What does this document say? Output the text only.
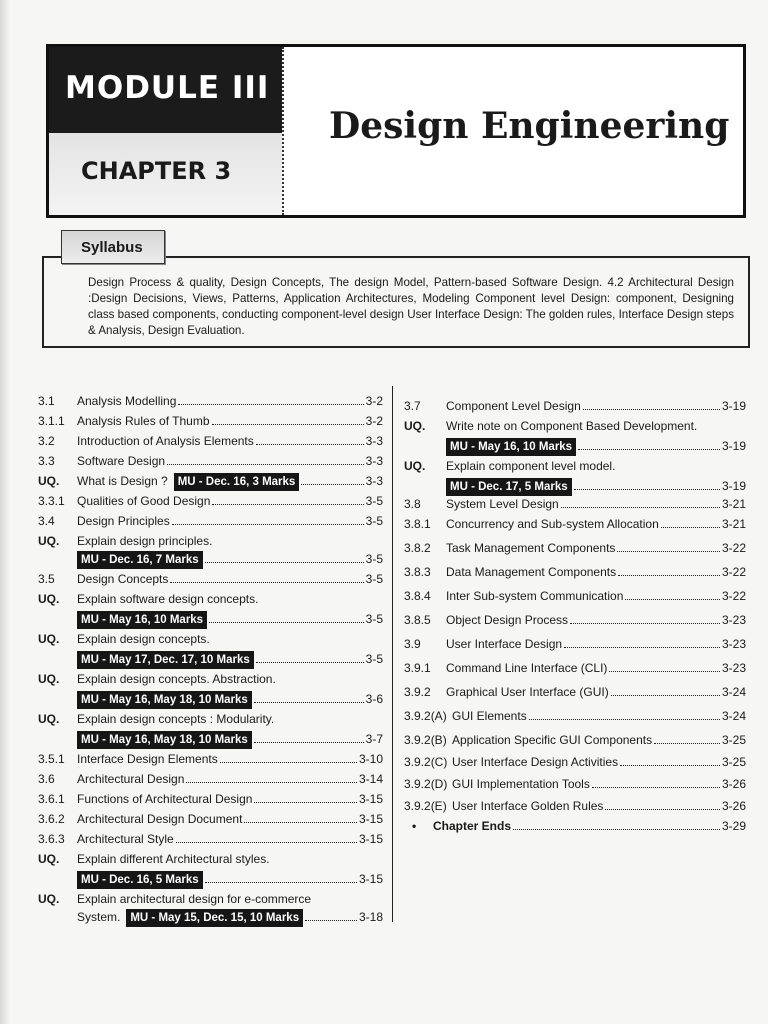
MODULE III
CHAPTER 3
Design Engineering
Syllabus
Design Process & quality, Design Concepts, The design Model, Pattern-based Software Design. 4.2 Architectural Design :Design Decisions, Views, Patterns, Application Architectures, Modeling Component level Design: component, Designing class based components, conducting component-level design User Interface Design: The golden rules, Interface Design steps & Analysis, Design Evaluation.
3.1 Analysis Modelling	3-2
3.1.1 Analysis Rules of Thumb	3-2
3.2 Introduction of Analysis Elements	3-3
3.3 Software Design	3-3
UQ. What is Design ? MU - Dec. 16, 3 Marks	3-3
3.3.1 Qualities of Good Design	3-5
3.4 Design Principles	3-5
UQ. Explain design principles.
MU - Dec. 16, 7 Marks	3-5
3.5 Design Concepts	3-5
UQ. Explain software design concepts.
MU - May 16, 10 Marks	3-5
UQ. Explain design concepts.
MU - May 17, Dec. 17, 10 Marks	3-5
UQ. Explain design concepts. Abstraction.
MU - May 16, May 18, 10 Marks	3-6
UQ. Explain design concepts : Modularity.
MU - May 16, May 18, 10 Marks	3-7
3.5.1 Interface Design Elements	3-10
3.6 Architectural Design	3-14
3.6.1 Functions of Architectural Design	3-15
3.6.2 Architectural Design Document	3-15
3.6.3 Architectural Style	3-15
UQ. Explain different Architectural styles.
MU - Dec. 16, 5 Marks	3-15
UQ. Explain architectural design for e-commerce
System. MU - May 15, Dec. 15, 10 Marks	3-18
3.7 Component Level Design	3-19
UQ. Write note on Component Based Development.
MU - May 16, 10 Marks	3-19
UQ. Explain component level model.
MU - Dec. 17, 5 Marks	3-19
3.8 System Level Design	3-21
3.8.1 Concurrency and Sub-system Allocation	3-21
3.8.2 Task Management Components	3-22
3.8.3 Data Management Components	3-22
3.8.4 Inter Sub-system Communication	3-22
3.8.5 Object Design Process	3-23
3.9 User Interface Design	3-23
3.9.1 Command Line Interface (CLI)	3-23
3.9.2 Graphical User Interface (GUI)	3-24
3.9.2(A) GUI Elements	3-24
3.9.2(B) Application Specific GUI Components	3-25
3.9.2(C) User Interface Design Activities	3-25
3.9.2(D) GUI Implementation Tools	3-26
3.9.2(E) User Interface Golden Rules	3-26
• Chapter Ends	3-29
